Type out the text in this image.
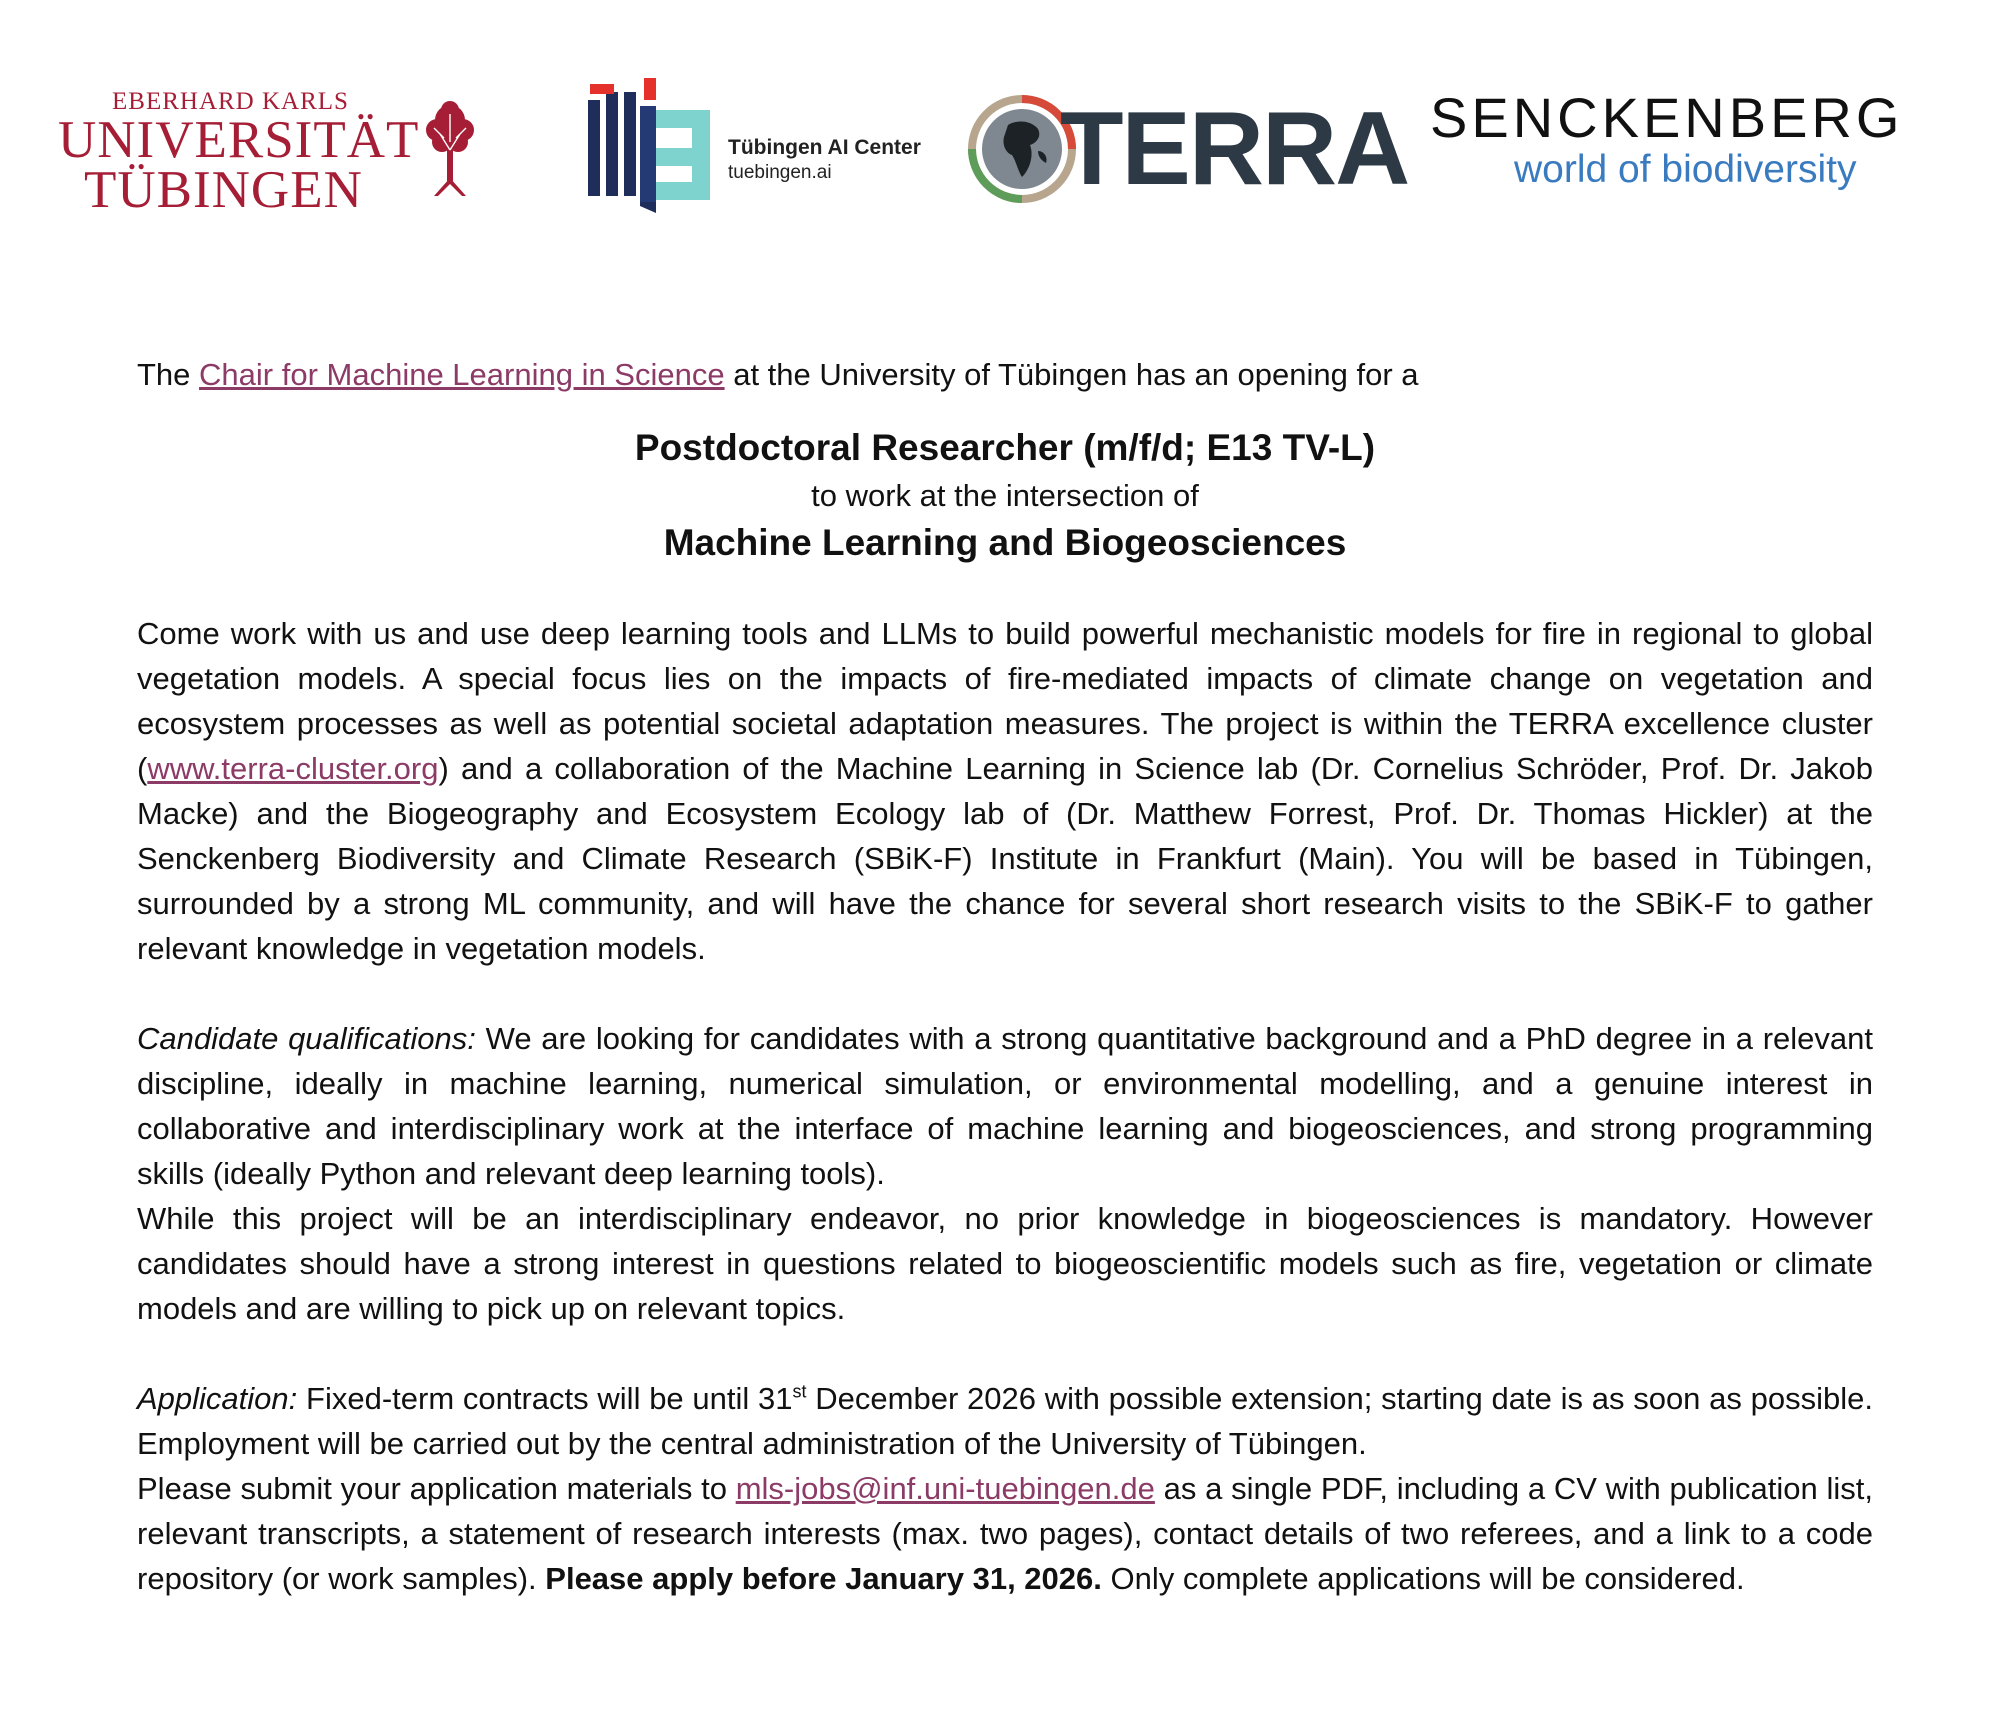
EBERHARD KARLS
UNIVERSITÄT
TÜBINGEN
Tübingen AI Center
tuebingen.ai TERRA SENCKENBERG
world of biodiversity

The Chair for Machine Learning in Science at the University of Tübingen has an opening for a

Postdoctoral Researcher (m/f/d; E13 TV-L)
to work at the intersection of
Machine Learning and Biogeosciences

Come work with us and use deep learning tools and LLMs to build powerful mechanistic models for fire in regional to global vegetation models. A special focus lies on the impacts of fire-mediated impacts of climate change on vegetation and ecosystem processes as well as potential societal adaptation measures. The project is within the TERRA excellence cluster (www.terra-cluster.org) and a collaboration of the Machine Learning in Science lab (Dr. Cornelius Schröder, Prof. Dr. Jakob Macke) and the Biogeography and Ecosystem Ecology lab of (Dr. Matthew Forrest, Prof. Dr. Thomas Hickler) at the Senckenberg Biodiversity and Climate Research (SBiK-F) Institute in Frankfurt (Main). You will be based in Tübingen, surrounded by a strong ML community, and will have the chance for several short research visits to the SBiK-F to gather relevant knowledge in vegetation models.

Candidate qualifications: We are looking for candidates with a strong quantitative background and a PhD degree in a relevant discipline, ideally in machine learning, numerical simulation, or environmental modelling, and a genuine interest in collaborative and interdisciplinary work at the interface of machine learning and biogeosciences, and strong programming skills (ideally Python and relevant deep learning tools).

While this project will be an interdisciplinary endeavor, no prior knowledge in biogeosciences is mandatory. However candidates should have a strong interest in questions related to biogeoscientific models such as fire, vegetation or climate models and are willing to pick up on relevant topics.

Application: Fixed-term contracts will be until 31st December 2026 with possible extension; starting date is as soon as possible. Employment will be carried out by the central administration of the University of Tübingen.

Please submit your application materials to mls-jobs@inf.uni-tuebingen.de as a single PDF, including a CV with publication list, relevant transcripts, a statement of research interests (max. two pages), contact details of two referees, and a link to a code repository (or work samples). Please apply before January 31, 2026. Only complete applications will be considered.
